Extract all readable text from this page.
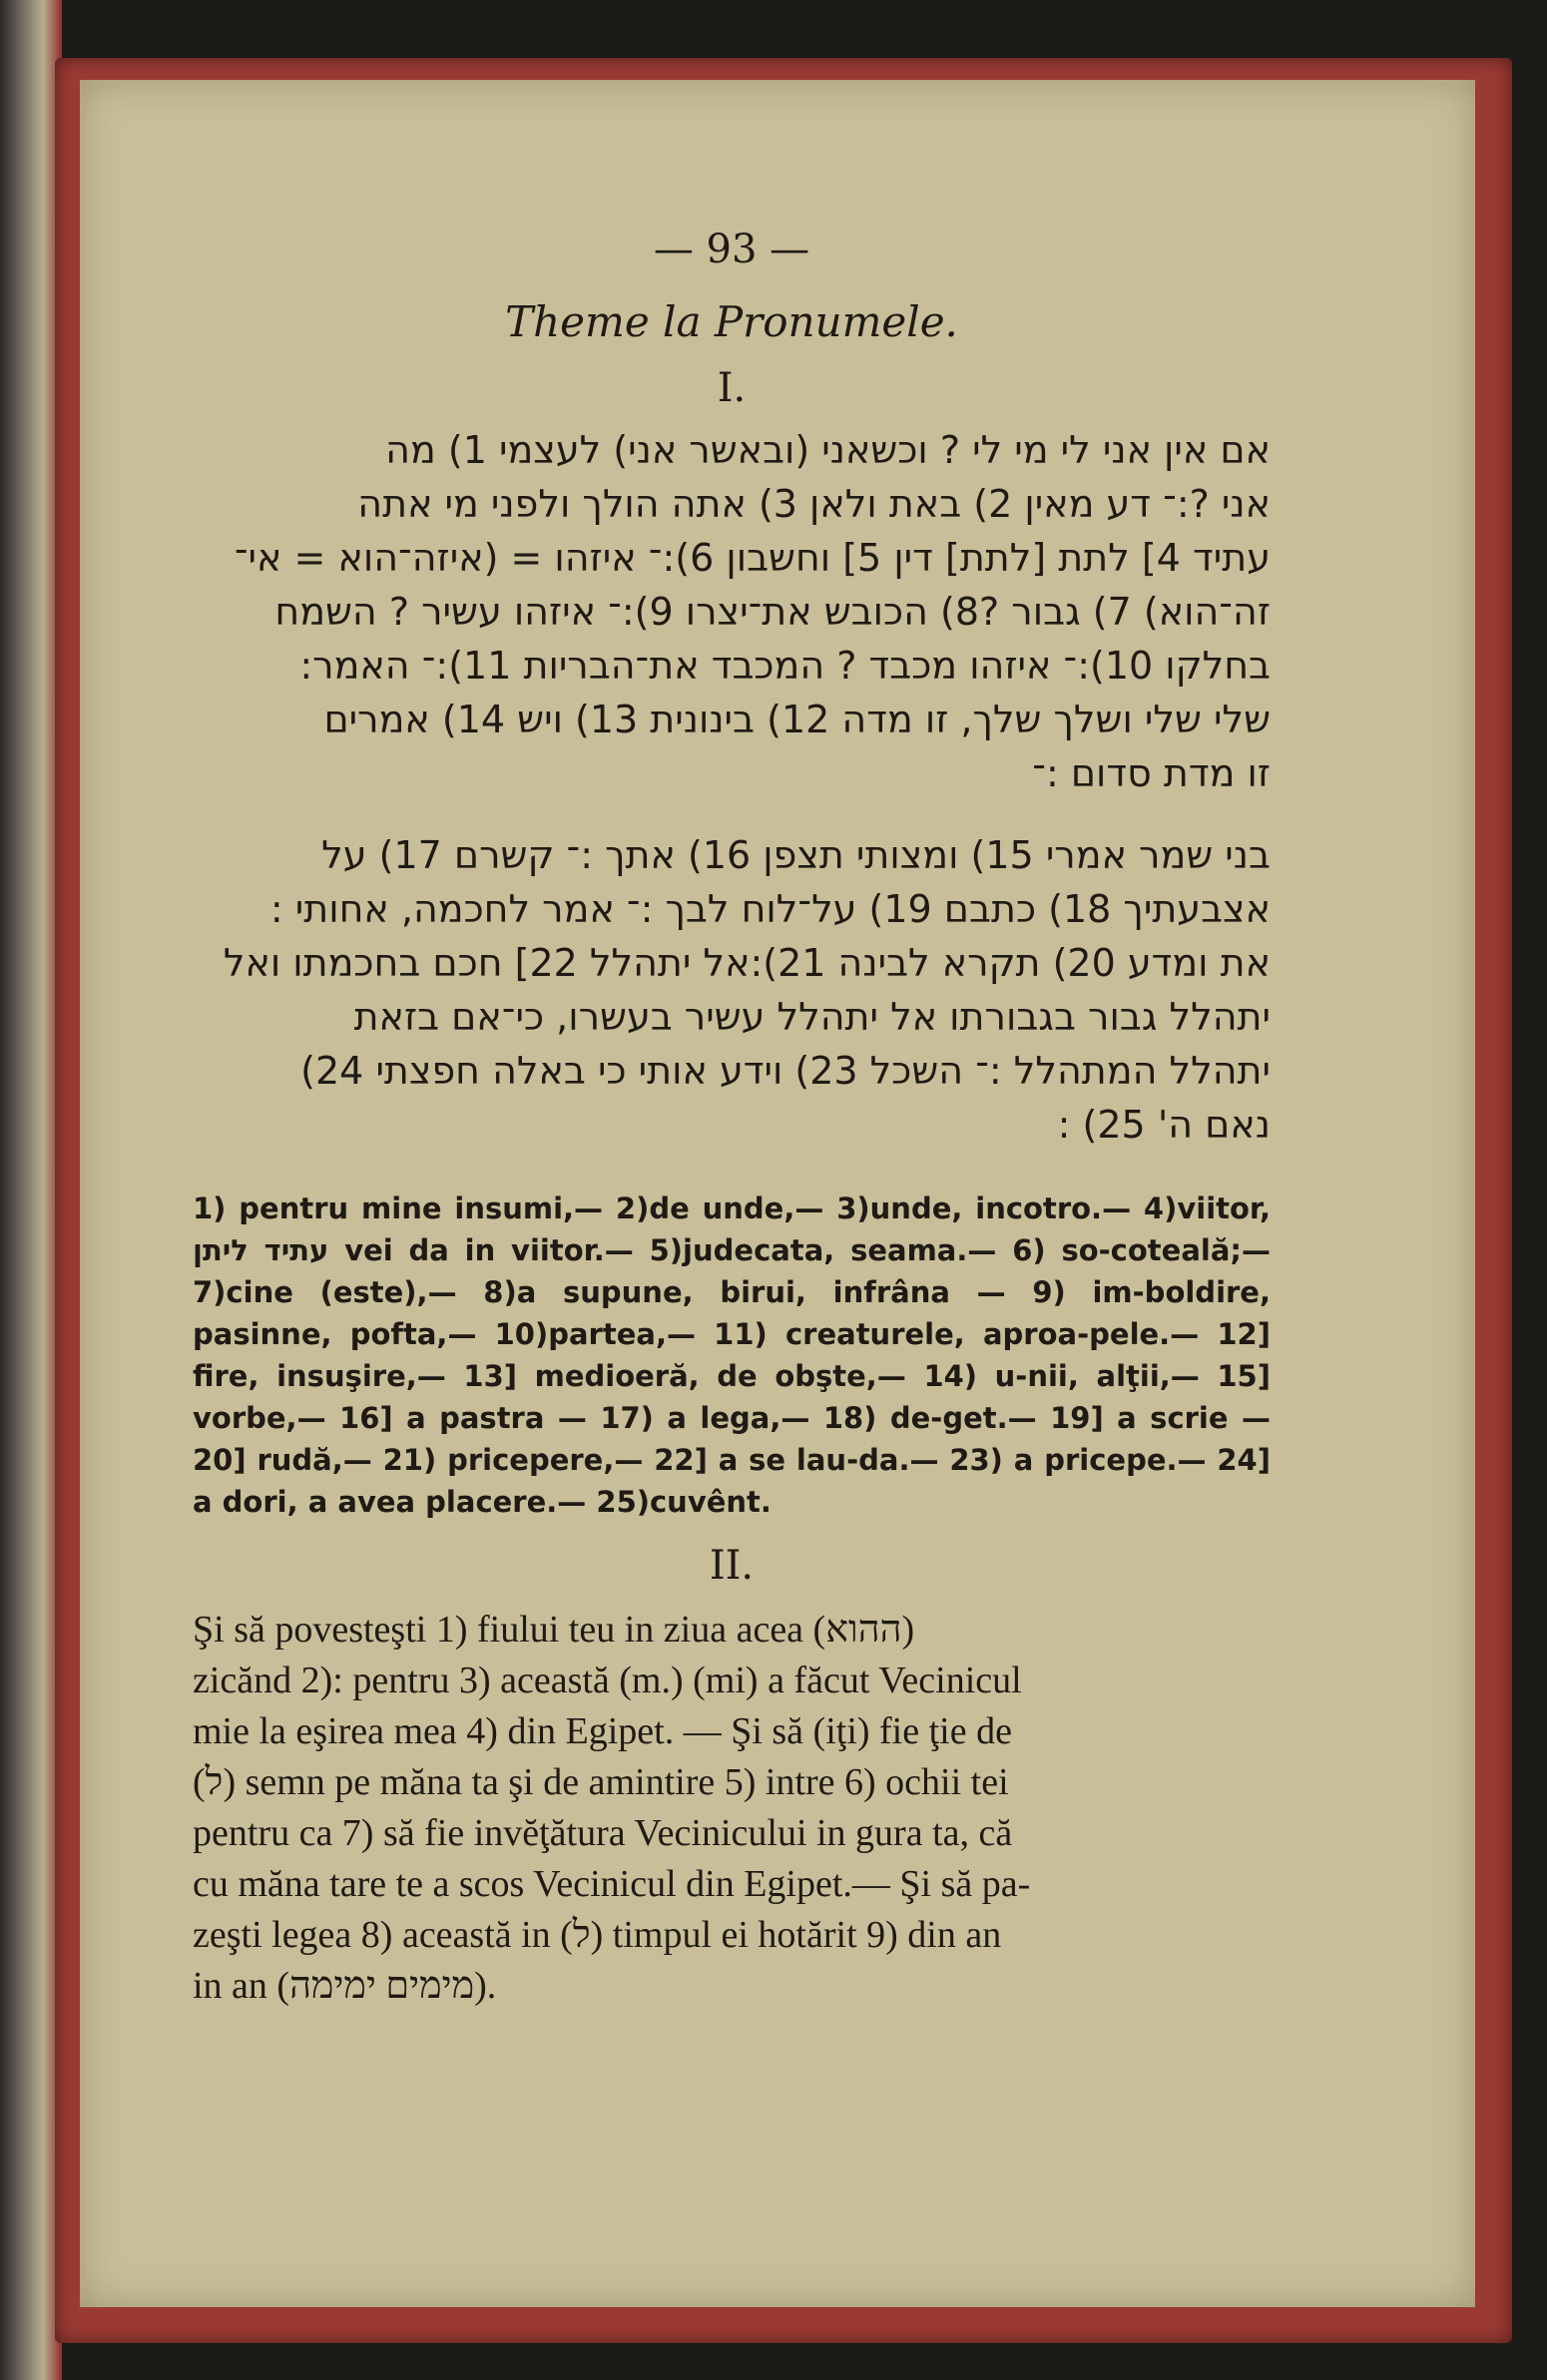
— 93 —
Theme la Pronumele.
I.
אם אין אני לי מי לי ? וכשאני (ובאשר אני) לעצמי 1) מה
אני ?:־ דע מאין 2) באת ולאן 3) אתה הולך ולפני מי אתה
עתיד 4] לתת [לתת] דין 5] וחשבון 6):־ איזהו = (איזה־הוא = אי־
זה־הוא) 7) גבור ?8) הכובש את־יצרו 9):־ איזהו עשיר ? השמח
בחלקו 10):־ איזהו מכבד ? המכבד את־הבריות 11):־ האמר:
שלי שלי ושלך שלך, זו מדה 12) בינונית 13) ויש 14) אמרים
זו מדת סדום :־
בני שמר אמרי 15) ומצותי תצפן 16) אתך :־ קשרם 17) על
אצבעתיך 18) כתבם 19) על־לוח לבך :־ אמר לחכמה, אחותי :
את ומדע 20) תקרא לבינה 21):אל יתהלל 22] חכם בחכמתו ואל
יתהלל גבור בגבורתו אל יתהלל עשיר בעשרו, כי־אם בזאת
יתהלל המתהלל :־ השכל 23) וידע אותי כי באלה חפצתי 24)
נאם ה' 25) :
1) pentru mine insumi,— 2)de unde,— 3)unde, incotro.— 4)viitor, עתיד ליתן vei da in viitor.— 5)judecata, seama.— 6) so-coteală;— 7)cine (este),— 8)a supune, birui, infrâna — 9) im-boldire, pasinne, pofta,— 10)partea,— 11) creaturele, aproa-pele.— 12] fire, insuşire,— 13] medioeră, de obşte,— 14) u-nii, alţii,— 15] vorbe,— 16] a pastra — 17) a lega,— 18) de-get.— 19] a scrie — 20] rudă,— 21) pricepere,— 22] a se lau-da.— 23) a pricepe.— 24] a dori, a avea placere.— 25)cuvênt.
II.
Şi să povesteşti 1) fiului teu in ziua acea (ההוא)
zicănd 2): pentru 3) această (m.) (mi) a făcut Vecinicul
mie la eşirea mea 4) din Egipet. — Şi să (iţi) fie ţie de
(ל) semn pe măna ta şi de amintire 5) intre 6) ochii tei
pentru ca 7) să fie invĕţătura Vecinicului in gura ta, că
cu măna tare te a scos Vecinicul din Egipet.— Şi să pa-
zeşti legea 8) această in (ל) timpul ei hotărit 9) din an
in an (מימים ימימה).
